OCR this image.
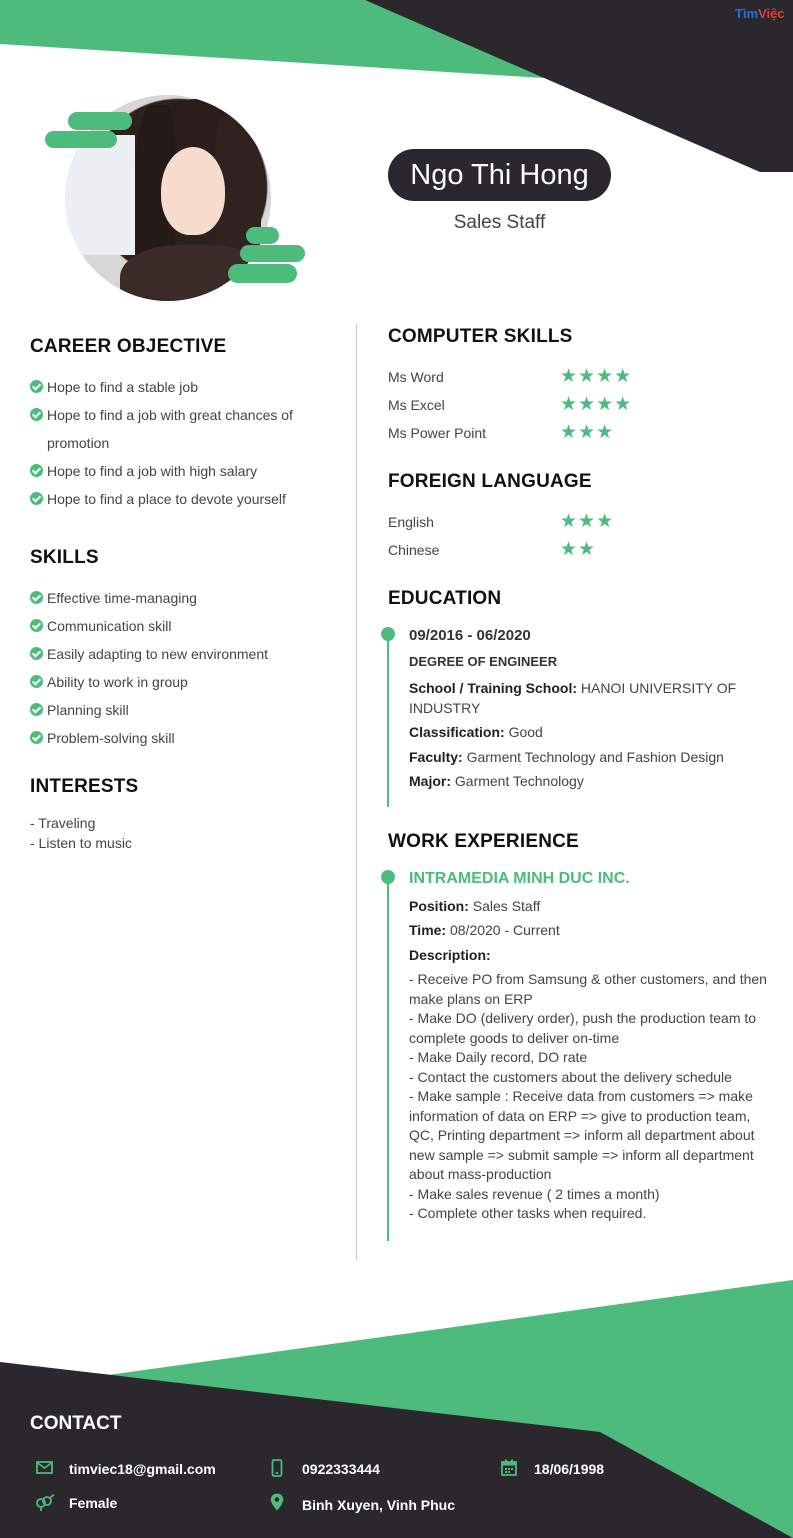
TìmViệc
Ngo Thi Hong
Sales Staff
CAREER OBJECTIVE
Hope to find a stable job
Hope to find a job with great chances of promotion
Hope to find a job with high salary
Hope to find a place to devote yourself
SKILLS
Effective time-managing
Communication skill
Easily adapting to new environment
Ability to work in group
Planning skill
Problem-solving skill
INTERESTS
- Traveling
- Listen to music
COMPUTER SKILLS
Ms Word	★★★★
Ms Excel	★★★★
Ms Power Point	★★★
FOREIGN LANGUAGE
English	★★★
Chinese	★★
EDUCATION
09/2016 - 06/2020
DEGREE OF ENGINEER
School / Training School: HANOI UNIVERSITY OF INDUSTRY
Classification: Good
Faculty: Garment Technology and Fashion Design
Major: Garment Technology
WORK EXPERIENCE
INTRAMEDIA MINH DUC INC.
Position: Sales Staff
Time: 08/2020 - Current
Description:
- Receive PO from Samsung & other customers, and then make plans on ERP
- Make DO (delivery order), push the production team to complete goods to deliver on-time
- Make Daily record, DO rate
- Contact the customers about the delivery schedule
- Make sample : Receive data from customers => make information of data on ERP => give to production team, QC, Printing department => inform all department about new sample => submit sample => inform all department about mass-production
- Make sales revenue ( 2 times a month)
- Complete other tasks when required.
CONTACT
timviec18@gmail.com	0922333444	18/06/1998
Female	Binh Xuyen, Vinh Phuc
